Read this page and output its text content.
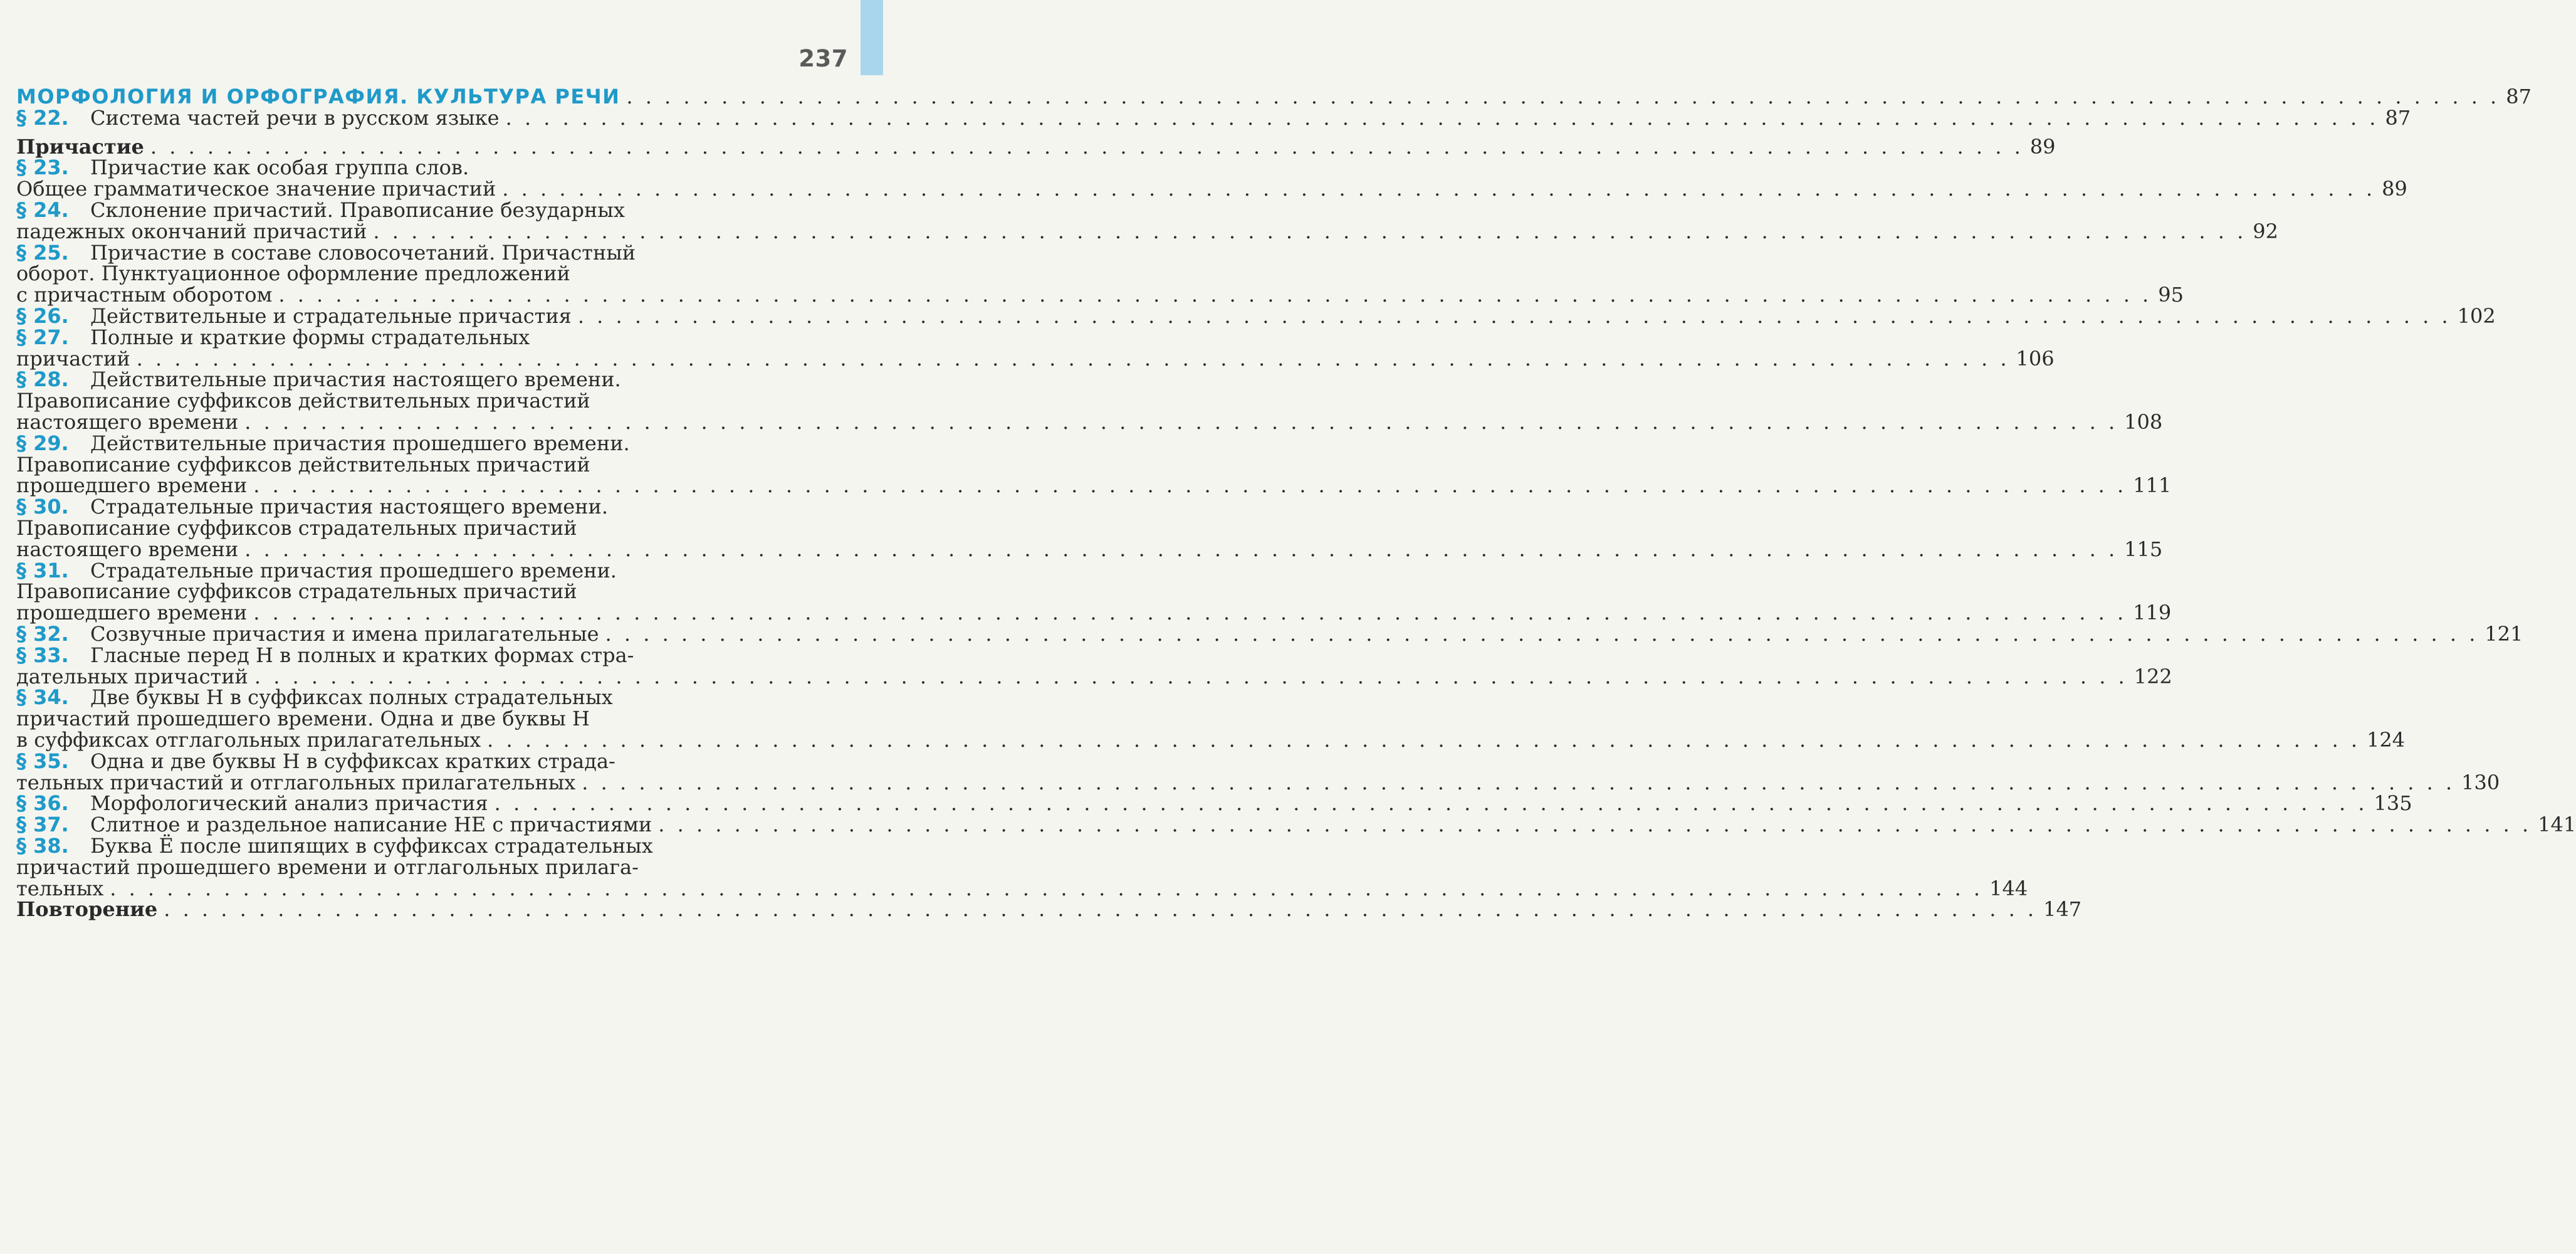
237
МОРФОЛОГИЯ И ОРФОГРАФИЯ. КУЛЬТУРА РЕЧИ . . . . . . . . . . . . . . . . . . . . . . . . . . . . . . . . . . . . . . . . . . . . . . . . . . . . . . . . . . . . . . . . . . . . . . . . . . . . . . . . . . . . . . . . . . . . . . . . . . . 87
§ 22.	Система частей речи в русском языке . . . . . . . . . . . . . . . . . . . . . . . . . . . . . . . . . . . . . . . . . . . . . . . . . . . . . . . . . . . . . . . . . . . . . . . . . . . . . . . . . . . . . . . . . . . . . . . . . . . 87
Причастие . . . . . . . . . . . . . . . . . . . . . . . . . . . . . . . . . . . . . . . . . . . . . . . . . . . . . . . . . . . . . . . . . . . . . . . . . . . . . . . . . . . . . . . . . . . . . . . . . . . 89
§ 23.	Причастие как особая группа слов.
Общее грамматическое значение причастий . . . . . . . . . . . . . . . . . . . . . . . . . . . . . . . . . . . . . . . . . . . . . . . . . . . . . . . . . . . . . . . . . . . . . . . . . . . . . . . . . . . . . . . . . . . . . . . . . . . 89
§ 24.	Склонение причастий. Правописание безударных
падежных окончаний причастий . . . . . . . . . . . . . . . . . . . . . . . . . . . . . . . . . . . . . . . . . . . . . . . . . . . . . . . . . . . . . . . . . . . . . . . . . . . . . . . . . . . . . . . . . . . . . . . . . . . 92
§ 25.	Причастие в составе словосочетаний. Причастный
оборот. Пунктуационное оформление предложений
с причастным оборотом . . . . . . . . . . . . . . . . . . . . . . . . . . . . . . . . . . . . . . . . . . . . . . . . . . . . . . . . . . . . . . . . . . . . . . . . . . . . . . . . . . . . . . . . . . . . . . . . . . . 95
§ 26.	Действительные и страдательные причастия . . . . . . . . . . . . . . . . . . . . . . . . . . . . . . . . . . . . . . . . . . . . . . . . . . . . . . . . . . . . . . . . . . . . . . . . . . . . . . . . . . . . . . . . . . . . . . . . . . . 102
§ 27.	Полные и краткие формы страдательных
причастий . . . . . . . . . . . . . . . . . . . . . . . . . . . . . . . . . . . . . . . . . . . . . . . . . . . . . . . . . . . . . . . . . . . . . . . . . . . . . . . . . . . . . . . . . . . . . . . . . . . 106
§ 28.	Действительные причастия настоящего времени.
Правописание суффиксов действительных причастий
настоящего времени . . . . . . . . . . . . . . . . . . . . . . . . . . . . . . . . . . . . . . . . . . . . . . . . . . . . . . . . . . . . . . . . . . . . . . . . . . . . . . . . . . . . . . . . . . . . . . . . . . . 108
§ 29.	Действительные причастия прошедшего времени.
Правописание суффиксов действительных причастий
прошедшего времени . . . . . . . . . . . . . . . . . . . . . . . . . . . . . . . . . . . . . . . . . . . . . . . . . . . . . . . . . . . . . . . . . . . . . . . . . . . . . . . . . . . . . . . . . . . . . . . . . . . 111
§ 30.	Страдательные причастия настоящего времени.
Правописание суффиксов страдательных причастий
настоящего времени . . . . . . . . . . . . . . . . . . . . . . . . . . . . . . . . . . . . . . . . . . . . . . . . . . . . . . . . . . . . . . . . . . . . . . . . . . . . . . . . . . . . . . . . . . . . . . . . . . . 115
§ 31.	Страдательные причастия прошедшего времени.
Правописание суффиксов страдательных причастий
прошедшего времени . . . . . . . . . . . . . . . . . . . . . . . . . . . . . . . . . . . . . . . . . . . . . . . . . . . . . . . . . . . . . . . . . . . . . . . . . . . . . . . . . . . . . . . . . . . . . . . . . . . 119
§ 32.	Созвучные причастия и имена прилагательные . . . . . . . . . . . . . . . . . . . . . . . . . . . . . . . . . . . . . . . . . . . . . . . . . . . . . . . . . . . . . . . . . . . . . . . . . . . . . . . . . . . . . . . . . . . . . . . . . . . 121
§ 33.	Гласные перед Н в полных и кратких формах стра-
дательных причастий . . . . . . . . . . . . . . . . . . . . . . . . . . . . . . . . . . . . . . . . . . . . . . . . . . . . . . . . . . . . . . . . . . . . . . . . . . . . . . . . . . . . . . . . . . . . . . . . . . . 122
§ 34.	Две буквы Н в суффиксах полных страдательных
причастий прошедшего времени. Одна и две буквы Н
в суффиксах отглагольных прилагательных . . . . . . . . . . . . . . . . . . . . . . . . . . . . . . . . . . . . . . . . . . . . . . . . . . . . . . . . . . . . . . . . . . . . . . . . . . . . . . . . . . . . . . . . . . . . . . . . . . . 124
§ 35.	Одна и две буквы Н в суффиксах кратких страда-
тельных причастий и отглагольных прилагательных . . . . . . . . . . . . . . . . . . . . . . . . . . . . . . . . . . . . . . . . . . . . . . . . . . . . . . . . . . . . . . . . . . . . . . . . . . . . . . . . . . . . . . . . . . . . . . . . . . . 130
§ 36.	Морфологический анализ причастия . . . . . . . . . . . . . . . . . . . . . . . . . . . . . . . . . . . . . . . . . . . . . . . . . . . . . . . . . . . . . . . . . . . . . . . . . . . . . . . . . . . . . . . . . . . . . . . . . . . 135
§ 37.	Слитное и раздельное написание НЕ с причастиями . . . . . . . . . . . . . . . . . . . . . . . . . . . . . . . . . . . . . . . . . . . . . . . . . . . . . . . . . . . . . . . . . . . . . . . . . . . . . . . . . . . . . . . . . . . . . . . . . . . 141
§ 38.	Буква Ё после шипящих в суффиксах страдательных
причастий прошедшего времени и отглагольных прилага-
тельных . . . . . . . . . . . . . . . . . . . . . . . . . . . . . . . . . . . . . . . . . . . . . . . . . . . . . . . . . . . . . . . . . . . . . . . . . . . . . . . . . . . . . . . . . . . . . . . . . . . 144
Повторение . . . . . . . . . . . . . . . . . . . . . . . . . . . . . . . . . . . . . . . . . . . . . . . . . . . . . . . . . . . . . . . . . . . . . . . . . . . . . . . . . . . . . . . . . . . . . . . . . . . 147
